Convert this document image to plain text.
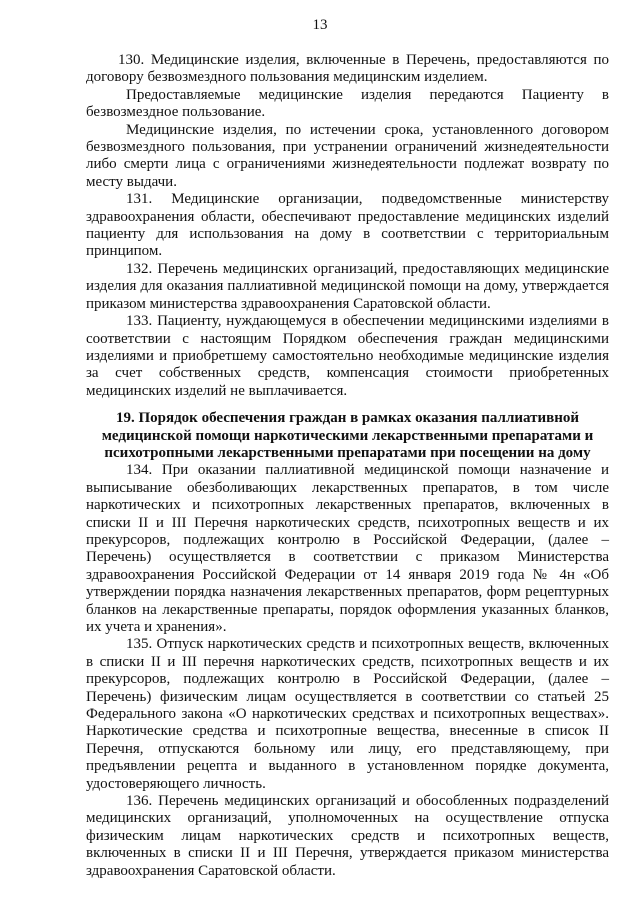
13

130. Медицинские изделия, включенные в Перечень, предоставляются по договору безвозмездного пользования медицинским изделием.

Предоставляемые медицинские изделия передаются Пациенту в безвозмездное пользование.

Медицинские изделия, по истечении срока, установленного договором безвозмездного пользования, при устранении ограничений жизнедеятельности либо смерти лица с ограничениями жизнедеятельности подлежат возврату по месту выдачи.

131. Медицинские организации, подведомственные министерству здравоохранения области, обеспечивают предоставление медицинских изделий пациенту для использования на дому в соответствии с территориальным принципом.

132. Перечень медицинских организаций, предоставляющих медицинские изделия для оказания паллиативной медицинской помощи на дому, утверждается приказом министерства здравоохранения Саратовской области.

133. Пациенту, нуждающемуся в обеспечении медицинскими изделиями в соответствии с настоящим Порядком обеспечения граждан медицинскими изделиями и приобретшему самостоятельно необходимые медицинские изделия за счет собственных средств, компенсация стоимости приобретенных медицинских изделий не выплачивается.

19. Порядок обеспечения граждан в рамках оказания паллиативной медицинской помощи наркотическими лекарственными препаратами и психотропными лекарственными препаратами при посещении на дому

134. При оказании паллиативной медицинской помощи назначение и выписывание обезболивающих лекарственных препаратов, в том числе наркотических и психотропных лекарственных препаратов, включенных в списки II и III Перечня наркотических средств, психотропных веществ и их прекурсоров, подлежащих контролю в Российской Федерации, (далее – Перечень) осуществляется в соответствии с приказом Министерства здравоохранения Российской Федерации от 14 января 2019 года № 4н «Об утверждении порядка назначения лекарственных препаратов, форм рецептурных бланков на лекарственные препараты, порядок оформления указанных бланков, их учета и хранения».

135. Отпуск наркотических средств и психотропных веществ, включенных в списки II и III перечня наркотических средств, психотропных веществ и их прекурсоров, подлежащих контролю в Российской Федерации, (далее – Перечень) физическим лицам осуществляется в соответствии со статьей 25 Федерального закона «О наркотических средствах и психотропных веществах». Наркотические средства и психотропные вещества, внесенные в список II Перечня, отпускаются больному или лицу, его представляющему, при предъявлении рецепта и выданного в установленном порядке документа, удостоверяющего личность.

136. Перечень медицинских организаций и обособленных подразделений медицинских организаций, уполномоченных на осуществление отпуска физическим лицам наркотических средств и психотропных веществ, включенных в списки II и III Перечня, утверждается приказом министерства здравоохранения Саратовской области.
